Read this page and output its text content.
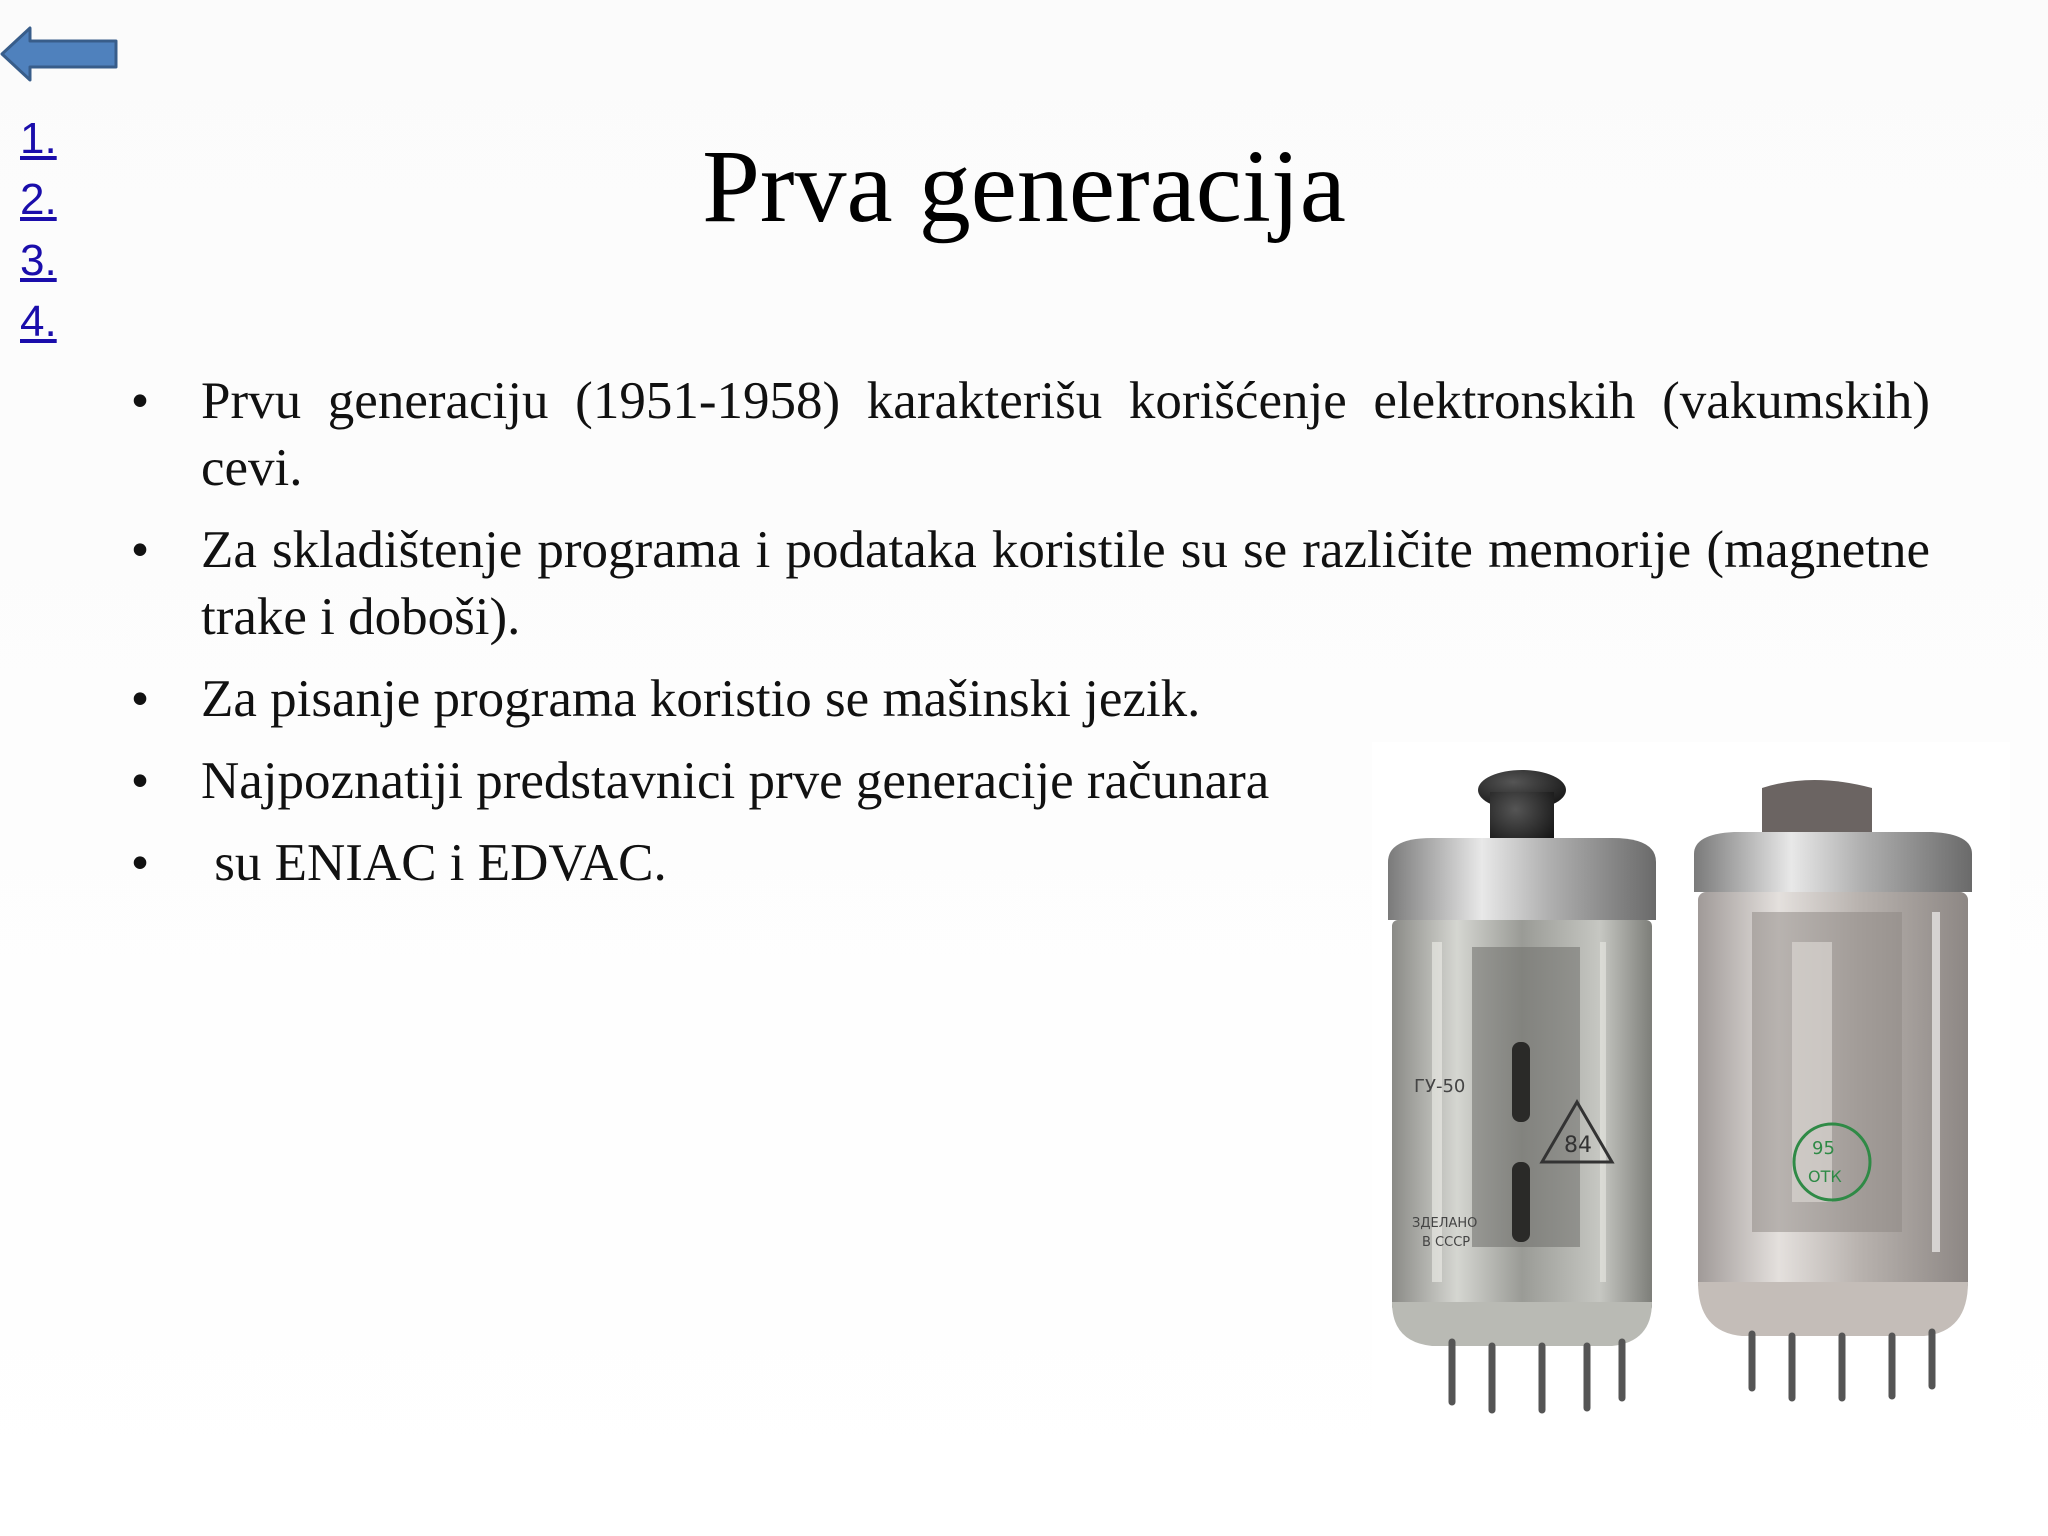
1.
2.
3.
4.
Prva generacija
• Prvu generaciju (1951-1958) karakterišu korišćenje elektronskih (vakumskih) cevi.
• Za skladištenje programa i podataka koristile su se različite memorije (magnetne trake i doboši).
• Za pisanje programa koristio se mašinski jezik.
• Najpoznatiji predstavnici prve generacije računara
• su ENIAC i EDVAC.
84
ГУ-50
ЗДЕЛАНО
В СССР
95
ОТК
